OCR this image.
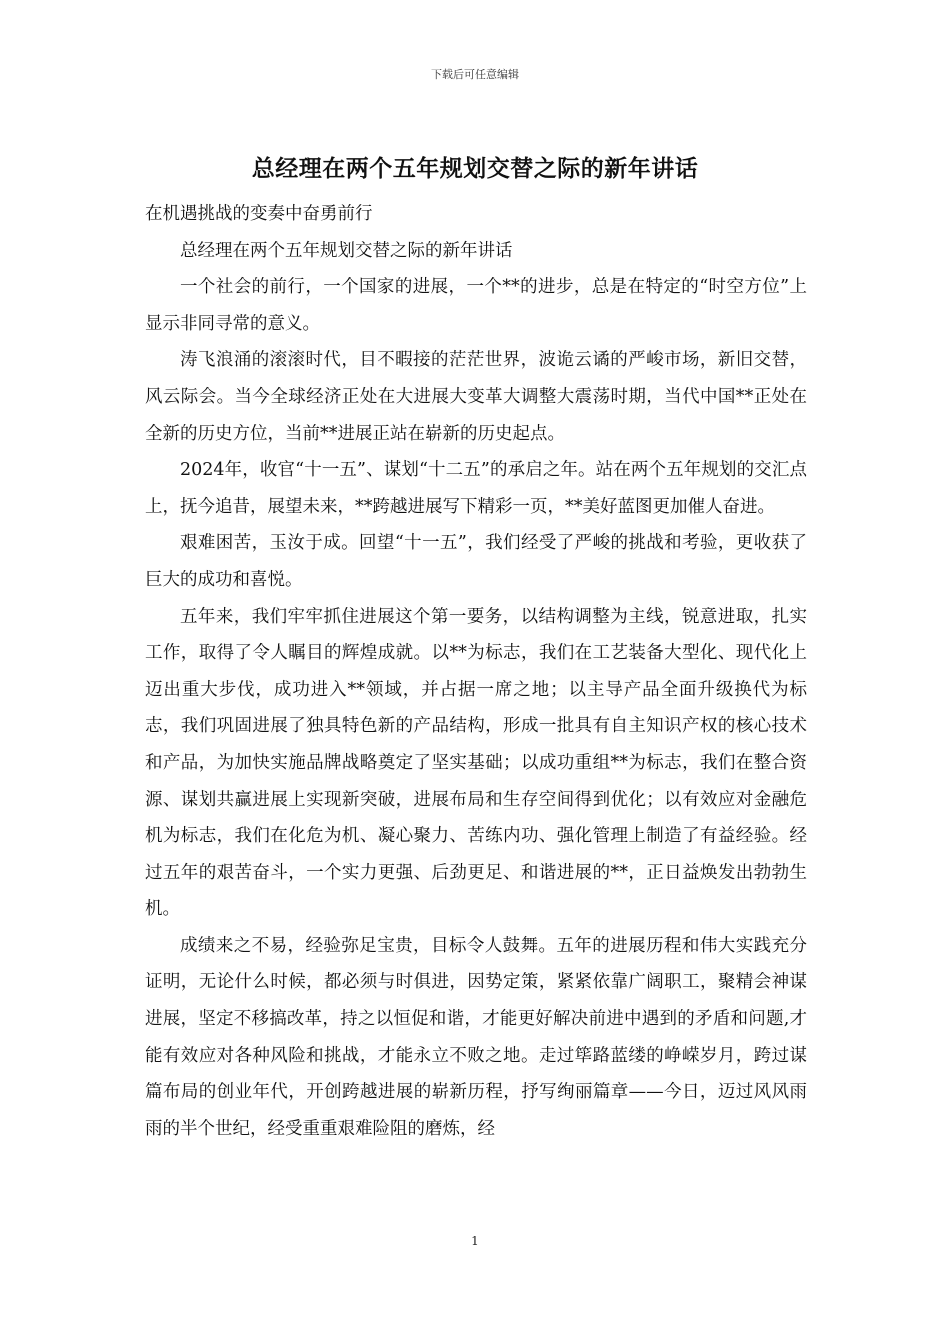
下载后可任意编辑
总经理在两个五年规划交替之际的新年讲话

在机遇挑战的变奏中奋勇前行

总经理在两个五年规划交替之际的新年讲话

一个社会的前行，一个国家的进展，一个**的进步，总是在特定的“时空方位”上显示非同寻常的意义。

涛飞浪涌的滚滚时代，目不暇接的茫茫世界，波诡云谲的严峻市场，新旧交替，风云际会。当今全球经济正处在大进展大变革大调整大震荡时期，当代中国**正处在全新的历史方位，当前**进展正站在崭新的历史起点。

2024年，收官“十一五”、谋划“十二五”的承启之年。站在两个五年规划的交汇点上，抚今追昔，展望未来，**跨越进展写下精彩一页，**美好蓝图更加催人奋进。

艰难困苦，玉汝于成。回望“十一五”，我们经受了严峻的挑战和考验，更收获了巨大的成功和喜悦。

五年来，我们牢牢抓住进展这个第一要务，以结构调整为主线，锐意进取，扎实工作，取得了令人瞩目的辉煌成就。以**为标志，我们在工艺装备大型化、现代化上迈出重大步伐，成功进入**领域，并占据一席之地；以主导产品全面升级换代为标志，我们巩固进展了独具特色新的产品结构，形成一批具有自主知识产权的核心技术和产品，为加快实施品牌战略奠定了坚实基础；以成功重组**为标志，我们在整合资源、谋划共赢进展上实现新突破，进展布局和生存空间得到优化；以有效应对金融危机为标志，我们在化危为机、凝心聚力、苦练内功、强化管理上制造了有益经验。经过五年的艰苦奋斗，一个实力更强、后劲更足、和谐进展的**，正日益焕发出勃勃生机。

成绩来之不易，经验弥足宝贵，目标令人鼓舞。五年的进展历程和伟大实践充分证明，无论什么时候，都必须与时俱进，因势定策，紧紧依靠广阔职工，聚精会神谋进展，坚定不移搞改革，持之以恒促和谐，才能更好解决前进中遇到的矛盾和问题,才能有效应对各种风险和挑战，才能永立不败之地。走过筚路蓝缕的峥嵘岁月，跨过谋篇布局的创业年代，开创跨越进展的崭新历程，抒写绚丽篇章——今日，迈过风风雨雨的半个世纪，经受重重艰难险阻的磨炼，经

1
